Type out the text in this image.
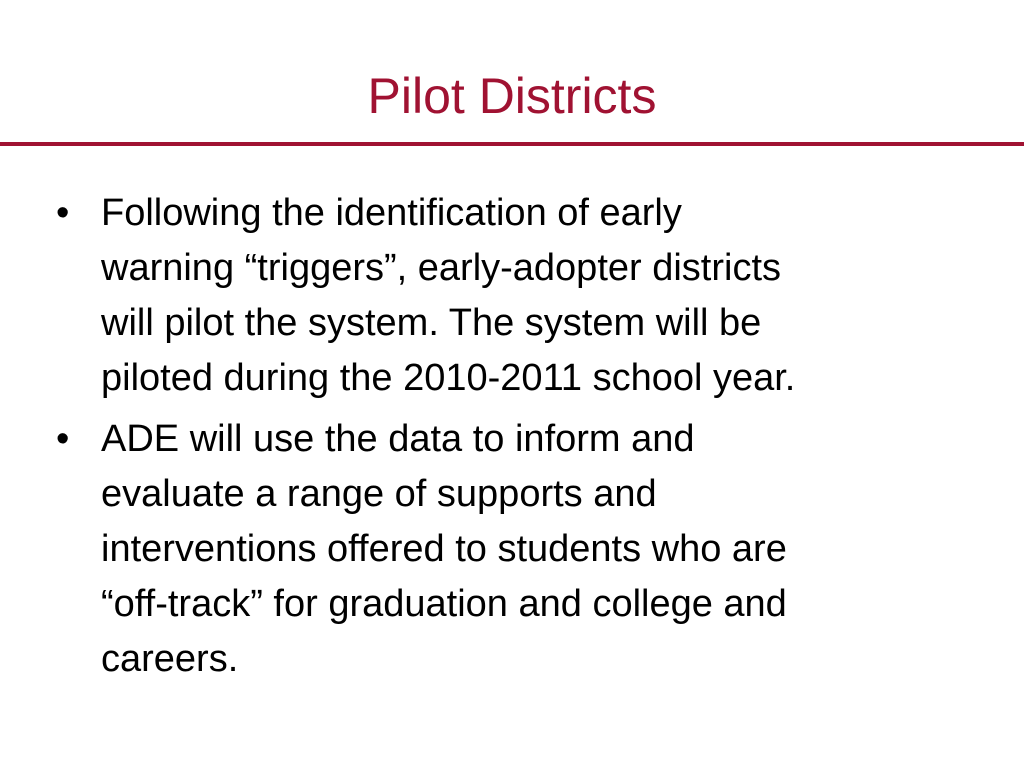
Pilot Districts
• Following the identification of early
warning “triggers”, early-adopter districts
will pilot the system. The system will be
piloted during the 2010-2011 school year.
• ADE will use the data to inform and
evaluate a range of supports and
interventions offered to students who are
“off-track” for graduation and college and
careers.
